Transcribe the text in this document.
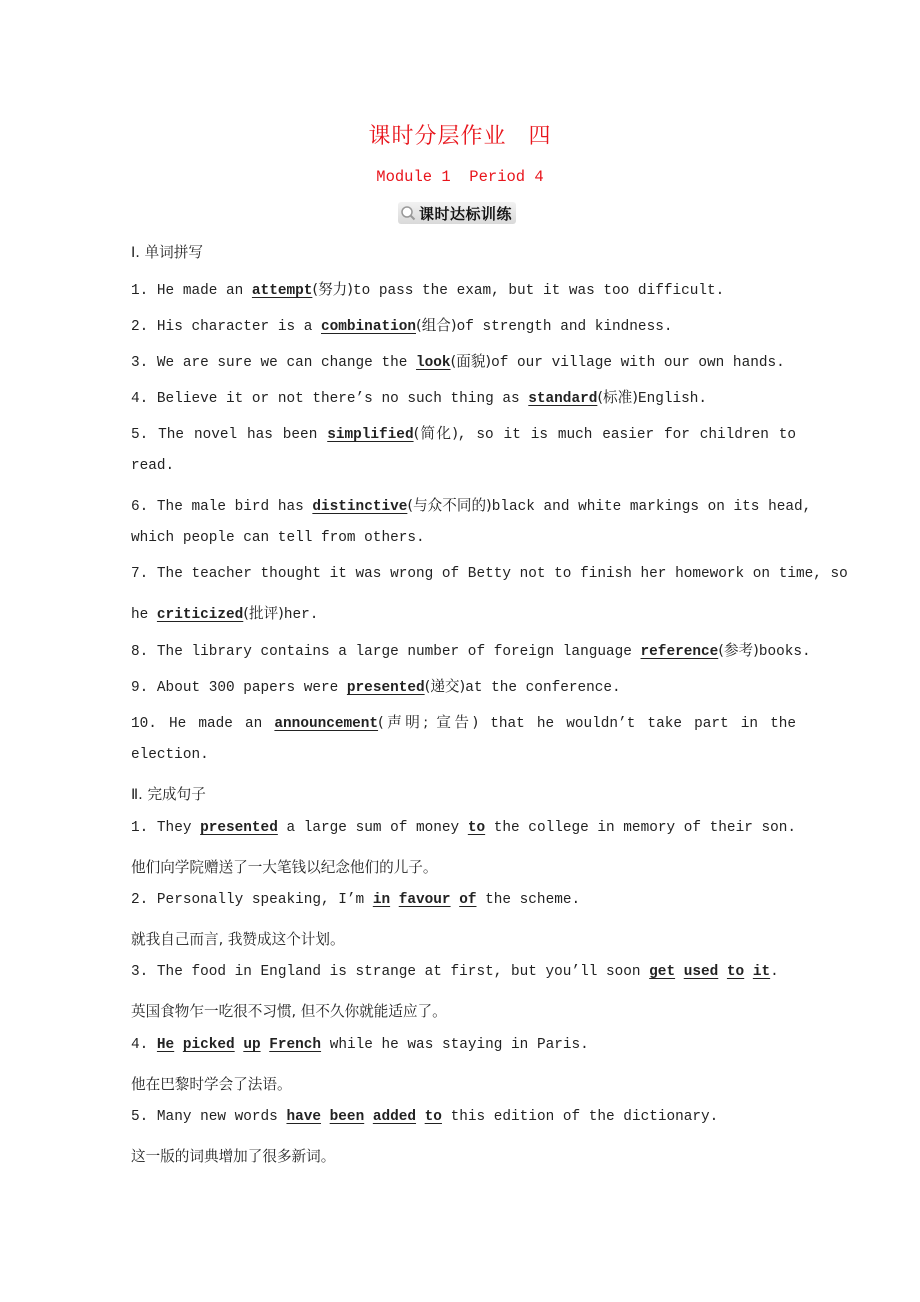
课时分层作业 四
Module 1  Period 4
课时达标训练
Ⅰ. 单词拼写
1. He made an attempt(努力)to pass the exam, but it was too difficult.
2. His character is a combination(组合)of strength and kindness.
3. We are sure we can change the look(面貌)of our village with our own hands.
4. Believe it or not there’s no such thing as standard(标准)English.
5. The novel has been simplified(简化), so it is much easier for children to
read.
6. The male bird has distinctive(与众不同的)black and white markings on its head,
which people can tell from others.
7. The teacher thought it was wrong of Betty not to finish her homework on time, so
he criticized(批评)her.
8. The library contains a large number of foreign language reference(参考)books.
9. About 300 papers were presented(递交)at the conference.
10. He made an announcement(声明; 宣告) that he wouldn’t take part in the
election.
Ⅱ. 完成句子
1. They presented a large sum of money to the college in memory of their son.
他们向学院赠送了一大笔钱以纪念他们的儿子。
2. Personally speaking, I’m in favour of the scheme.
就我自己而言, 我赞成这个计划。
3. The food in England is strange at first, but you’ll soon get used to it.
英国食物乍一吃很不习惯, 但不久你就能适应了。
4. He picked up French while he was staying in Paris.
他在巴黎时学会了法语。
5. Many new words have been added to this edition of the dictionary.
这一版的词典增加了很多新词。
